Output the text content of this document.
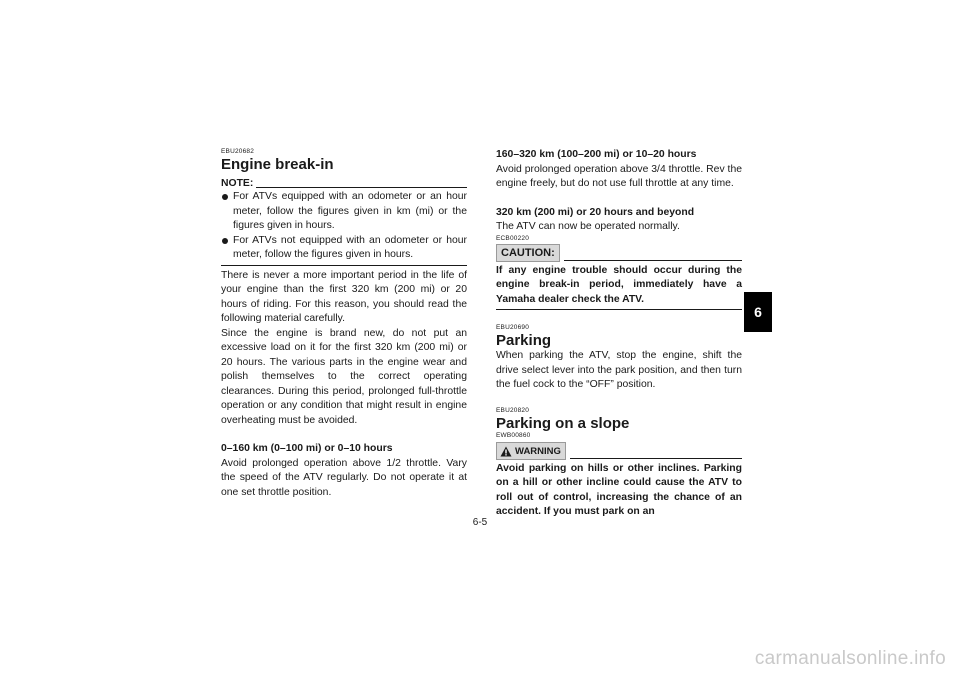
EBU20682
Engine break-in
NOTE:
For ATVs equipped with an odometer or an hour meter, follow the figures given in km (mi) or the figures given in hours.
For ATVs not equipped with an odometer or hour meter, follow the figures given in hours.

There is never a more important period in the life of your engine than the first 320 km (200 mi) or 20 hours of riding. For this reason, you should read the following material carefully.

Since the engine is brand new, do not put an excessive load on it for the first 320 km (200 mi) or 20 hours. The various parts in the engine wear and polish themselves to the correct operating clearances. During this period, prolonged full-throttle operation or any condition that might result in engine overheating must be avoided.

0–160 km (0–100 mi) or 0–10 hours

Avoid prolonged operation above 1/2 throttle. Vary the speed of the ATV regularly. Do not operate it at one set throttle position.

160–320 km (100–200 mi) or 10–20 hours

Avoid prolonged operation above 3/4 throttle. Rev the engine freely, but do not use full throttle at any time.

320 km (200 mi) or 20 hours and beyond

The ATV can now be operated normally.

ECB00220
CAUTION:

If any engine trouble should occur during the engine break-in period, immediately have a Yamaha dealer check the ATV.

EBU20690
Parking

When parking the ATV, stop the engine, shift the drive select lever into the park position, and then turn the fuel cock to the “OFF” position.

EBU20820
Parking on a slope
EWB00860
WARNING

Avoid parking on hills or other inclines. Parking on a hill or other incline could cause the ATV to roll out of control, increasing the chance of an accident. If you must park on an

6
6-5
carmanualsonline.info
